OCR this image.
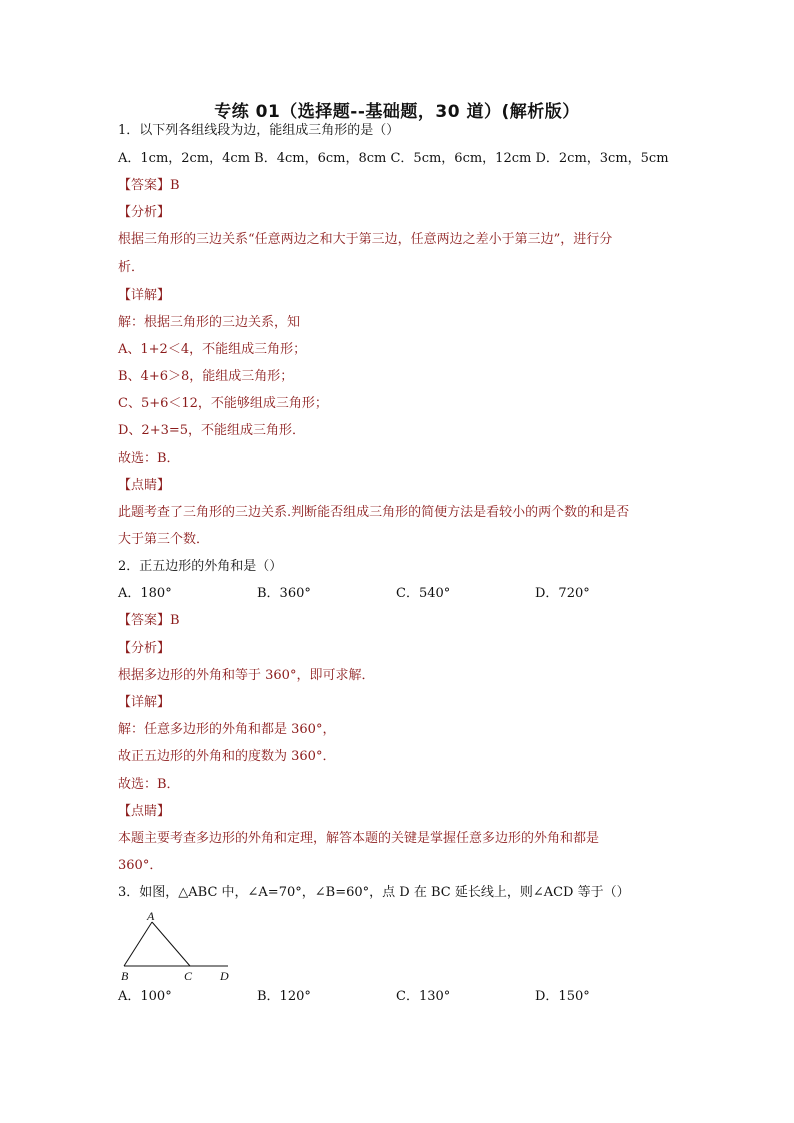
专练 01（选择题--基础题，30 道）(解析版）
1．以下列各组线段为边，能组成三角形的是（）
A．1cm，2cm，4cm B．4cm，6cm，8cm C．5cm，6cm，12cm D．2cm，3cm，5cm
【答案】B
【分析】
根据三角形的三边关系“任意两边之和大于第三边，任意两边之差小于第三边”，进行分
析．
【详解】
解：根据三角形的三边关系，知
A、1+2＜4，不能组成三角形；
B、4+6＞8，能组成三角形；
C、5+6＜12，不能够组成三角形；
D、2+3=5，不能组成三角形．
故选：B．
【点睛】
此题考查了三角形的三边关系.判断能否组成三角形的简便方法是看较小的两个数的和是否
大于第三个数．
2．正五边形的外角和是（）
A．180°	B．360°	C．540°	D．720°
【答案】B
【分析】
根据多边形的外角和等于 360°，即可求解．
【详解】
解：任意多边形的外角和都是 360°，
故正五边形的外角和的度数为 360°．
故选：B．
【点睛】
本题主要考查多边形的外角和定理，解答本题的关键是掌握任意多边形的外角和都是
360°．
3．如图，△ABC 中，∠A=70°，∠B=60°，点 D 在 BC 延长线上，则∠ACD 等于（）
A
B	C D
A．100°	B．120°	C．130°	D．150°
